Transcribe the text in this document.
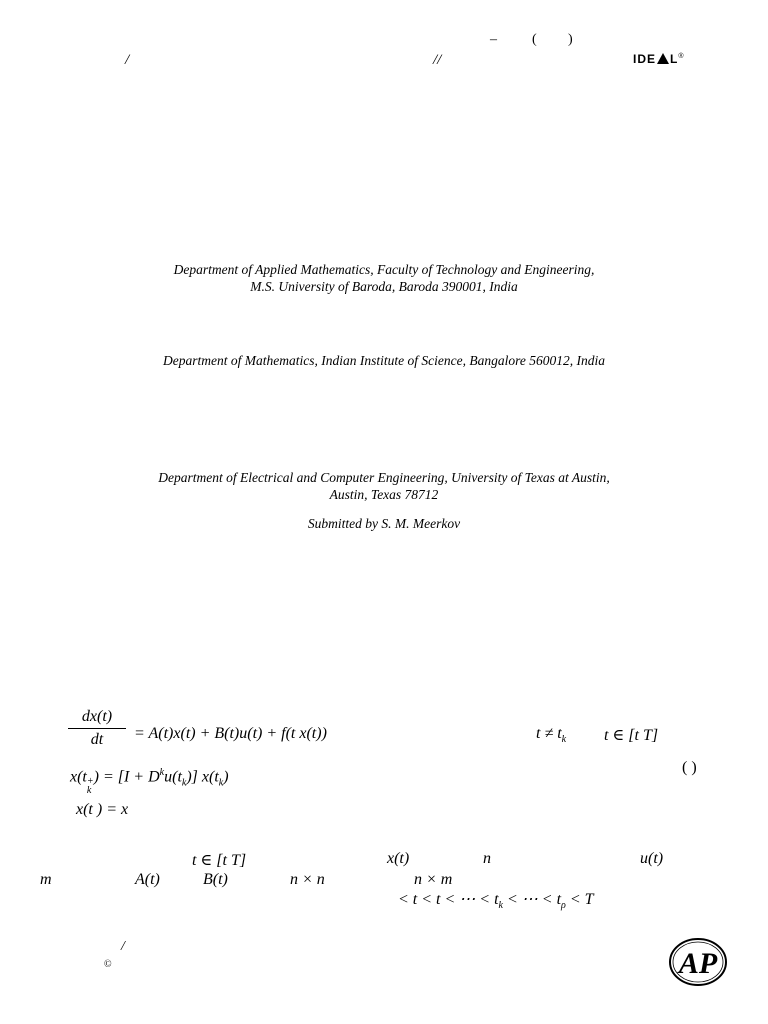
–	( )
/	//	IDE L®
Department of Applied Mathematics, Faculty of Technology and Engineering,
M.S. University of Baroda, Baroda 390001, India
Department of Mathematics, Indian Institute of Science, Bangalore 560012, India
Department of Electrical and Computer Engineering, University of Texas at Austin,
Austin, Texas 78712
Submitted by S. M. Meerkov
$\frac{dx(t)}{dt} = A(t)x(t) + B(t)u(t) + f(t$ x(t))	$t \ne t_k$ t ∈ [t T]
x(t +
k
) = $[I + D^ku(t_k)]$ $x(t_k)$
( )
x(t ) = x
t ∈ [t T]	x(t)	n	u(t)
m	A(t)	B(t)	n × n	n × m
< t < t < ⋯ < $t_k$ < ⋯ < $t_\rho < T$
/
©	AP
